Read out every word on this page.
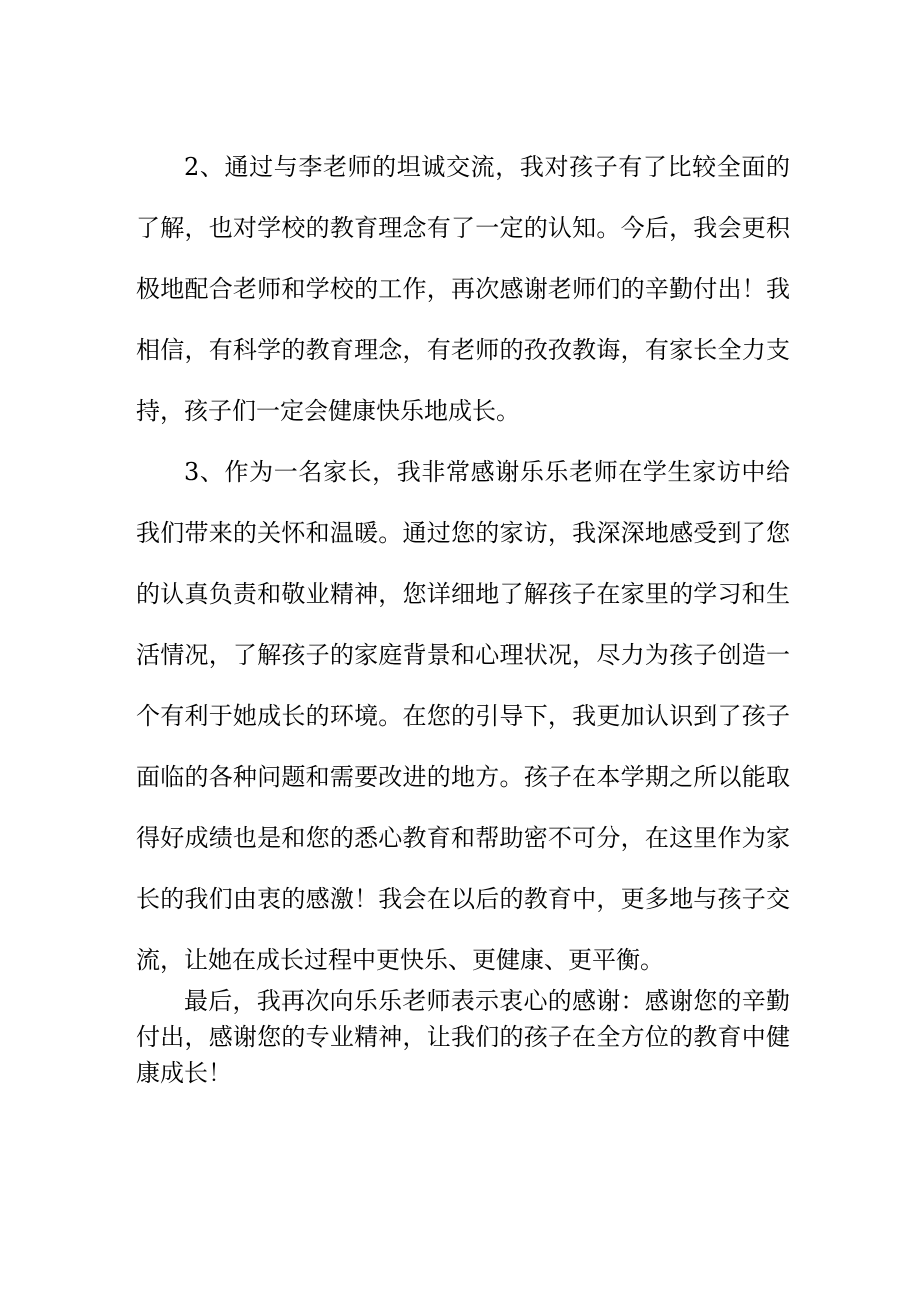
2、通过与李老师的坦诚交流，我对孩子有了比较全面的了解，也对学校的教育理念有了一定的认知。今后，我会更积极地配合老师和学校的工作，再次感谢老师们的辛勤付出！我相信，有科学的教育理念，有老师的孜孜教诲，有家长全力支持，孩子们一定会健康快乐地成长。

3、作为一名家长，我非常感谢乐乐老师在学生家访中给我们带来的关怀和温暖。通过您的家访，我深深地感受到了您的认真负责和敬业精神，您详细地了解孩子在家里的学习和生活情况，了解孩子的家庭背景和心理状况，尽力为孩子创造一个有利于她成长的环境。在您的引导下，我更加认识到了孩子面临的各种问题和需要改进的地方。孩子在本学期之所以能取得好成绩也是和您的悉心教育和帮助密不可分，在这里作为家长的我们由衷的感激！我会在以后的教育中，更多地与孩子交流，让她在成长过程中更快乐、更健康、更平衡。

最后，我再次向乐乐老师表示衷心的感谢：感谢您的辛勤付出，感谢您的专业精神，让我们的孩子在全方位的教育中健康成长！
